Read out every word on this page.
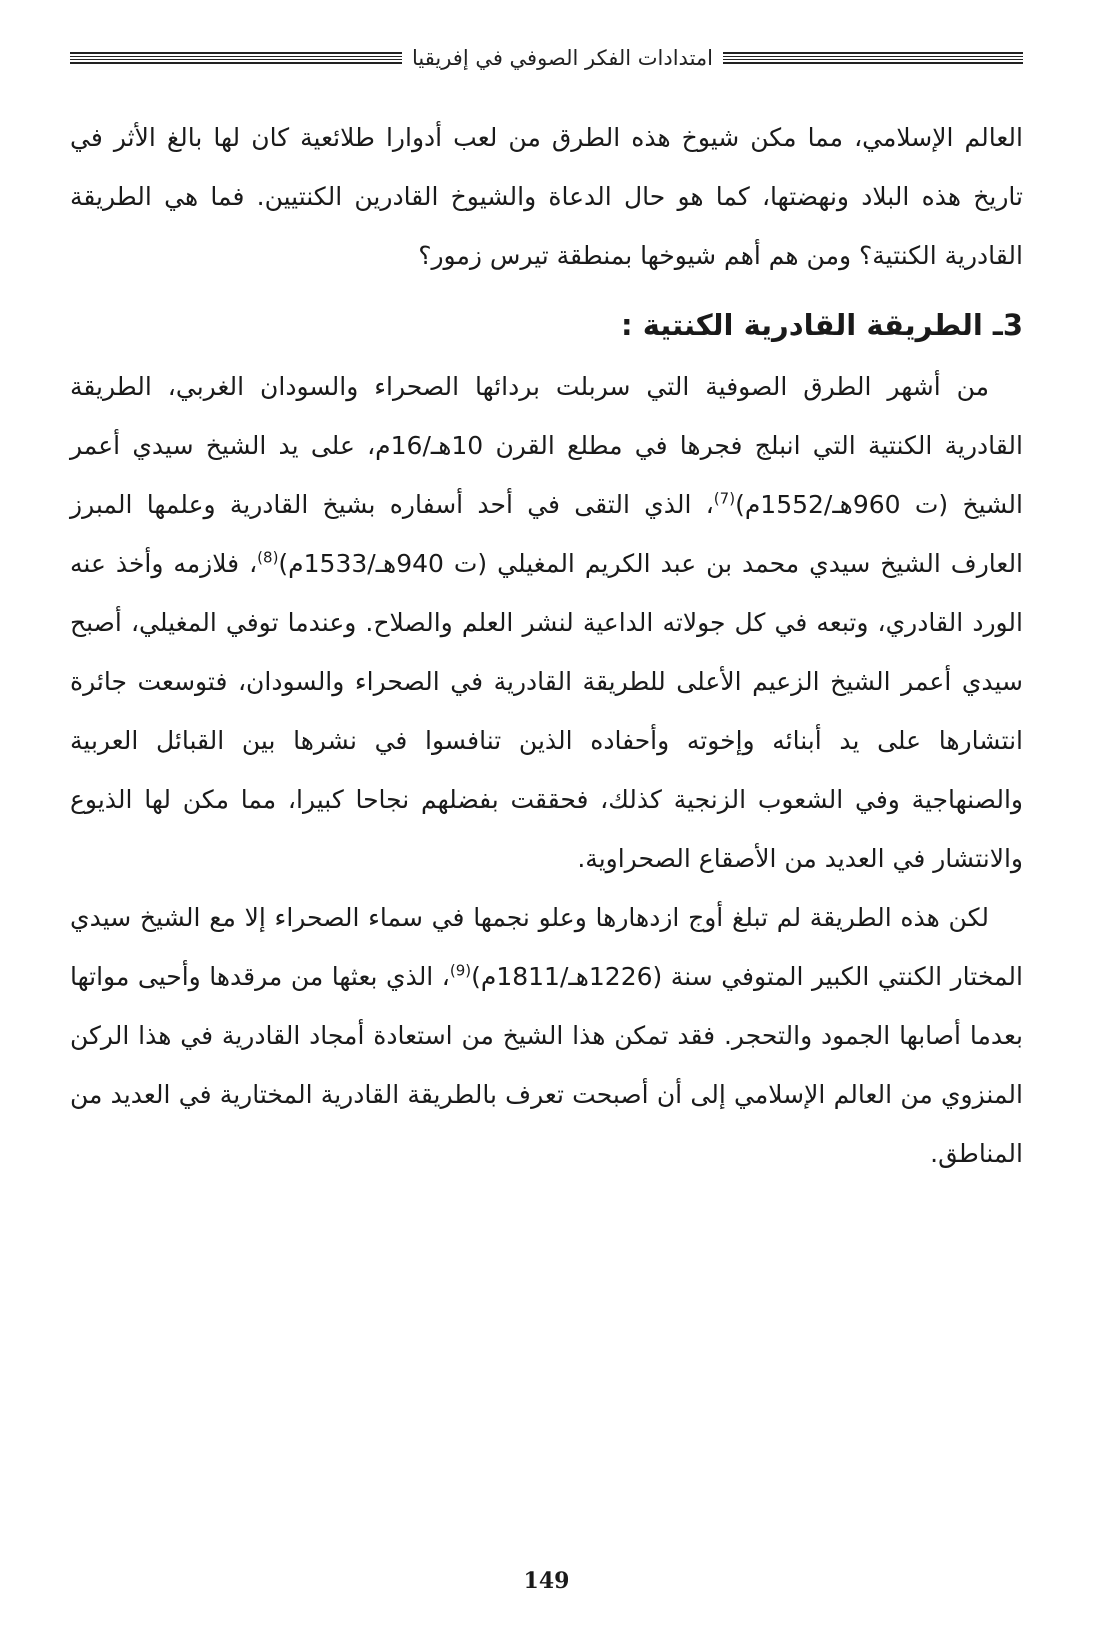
امتدادات الفكر الصوفي في إفريقيا

العالم الإسلامي، مما مكن شيوخ هذه الطرق من لعب أدوارا طلائعية كان لها بالغ الأثر في تاريخ هذه البلاد ونهضتها، كما هو حال الدعاة والشيوخ القادرين الكنتيين. فما هي الطريقة القادرية الكنتية؟ ومن هم أهم شيوخها بمنطقة تيرس زمور؟

3ـ الطريقة القادرية الكنتية :

من أشهر الطرق الصوفية التي سربلت بردائها الصحراء والسودان الغربي، الطريقة القادرية الكنتية التي انبلج فجرها في مطلع القرن 10هـ/16م، على يد الشيخ سيدي أعمر الشيخ (ت 960هـ/1552م)$^{(7)}$، الذي التقى في أحد أسفاره بشيخ القادرية وعلمها المبرز العارف الشيخ سيدي محمد بن عبد الكريم المغيلي (ت 940هـ/1533م)$^{(8)}$، فلازمه وأخذ عنه الورد القادري، وتبعه في كل جولاته الداعية لنشر العلم والصلاح. وعندما توفي المغيلي، أصبح سيدي أعمر الشيخ الزعيم الأعلى للطريقة القادرية في الصحراء والسودان، فتوسعت جائرة انتشارها على يد أبنائه وإخوته وأحفاده الذين تنافسوا في نشرها بين القبائل العربية والصنهاجية وفي الشعوب الزنجية كذلك، فحققت بفضلهم نجاحا كبيرا، مما مكن لها الذيوع والانتشار في العديد من الأصقاع الصحراوية.

لكن هذه الطريقة لم تبلغ أوج ازدهارها وعلو نجمها في سماء الصحراء إلا مع الشيخ سيدي المختار الكنتي الكبير المتوفي سنة (1226هـ/1811م)$^{(9)}$، الذي بعثها من مرقدها وأحيى مواتها بعدما أصابها الجمود والتحجر. فقد تمكن هذا الشيخ من استعادة أمجاد القادرية في هذا الركن المنزوي من العالم الإسلامي إلى أن أصبحت تعرف بالطريقة القادرية المختارية في العديد من المناطق.

149
